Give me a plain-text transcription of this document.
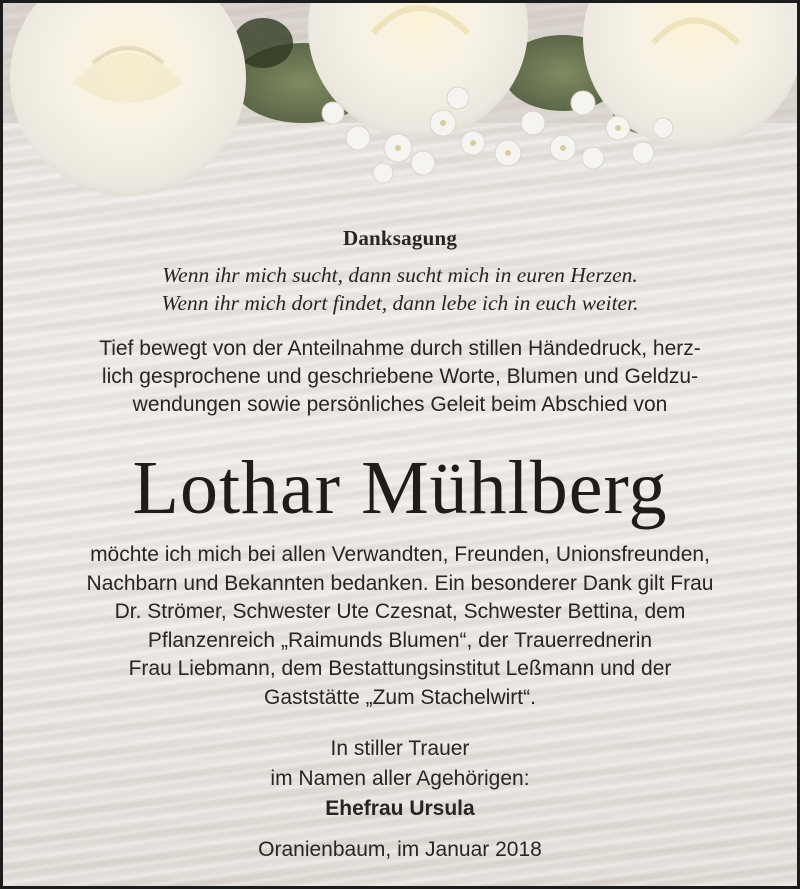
Danksagung
Wenn ihr mich sucht, dann sucht mich in euren Herzen.
Wenn ihr mich dort findet, dann lebe ich in euch weiter.
Tief bewegt von der Anteilnahme durch stillen Händedruck, herz-
lich gesprochene und geschriebene Worte, Blumen und Geldzu-
wendungen sowie persönliches Geleit beim Abschied von
Lothar Mühlberg
möchte ich mich bei allen Verwandten, Freunden, Unionsfreunden,
Nachbarn und Bekannten bedanken. Ein besonderer Dank gilt Frau
Dr. Strömer, Schwester Ute Czesnat, Schwester Bettina, dem
Pflanzenreich „Raimunds Blumen“, der Trauerrednerin
Frau Liebmann, dem Bestattungsinstitut Leßmann und der
Gaststätte „Zum Stachelwirt“.
In stiller Trauer
im Namen aller Agehörigen:
Ehefrau Ursula
Oranienbaum, im Januar 2018
